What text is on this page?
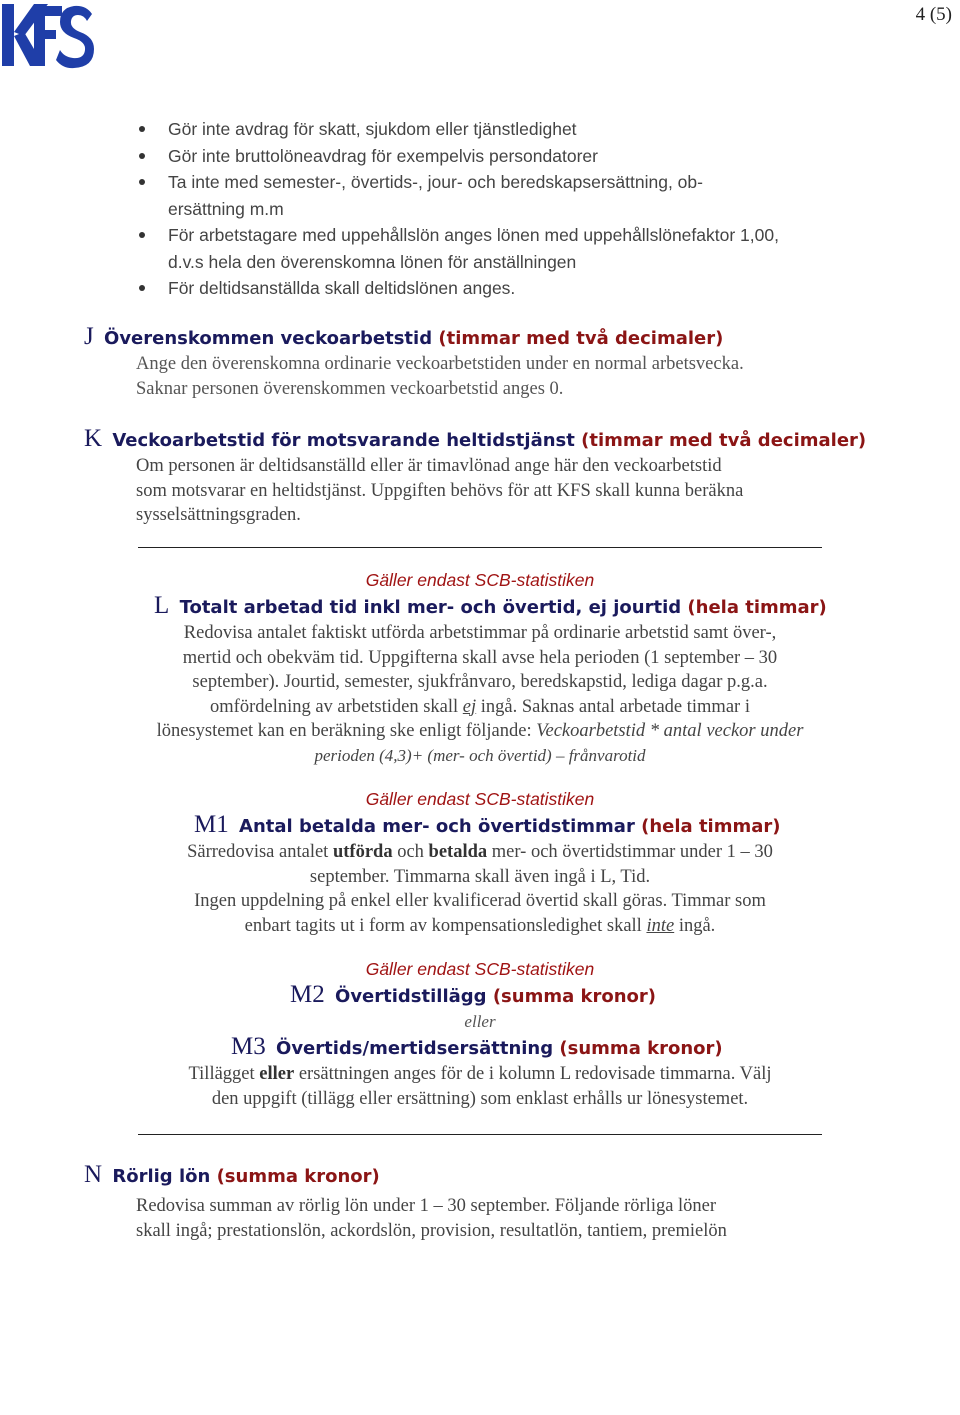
4 (5)
Gör inte avdrag för skatt, sjukdom eller tjänstledighet
Gör inte bruttolöneavdrag för exempelvis persondatorer
Ta inte med semester-, övertids-, jour- och beredskapsersättning, ob-
ersättning m.m
För arbetstagare med uppehållslön anges lönen med uppehållslönefaktor 1,00,
d.v.s hela den överenskomna lönen för anställningen
För deltidsanställda skall deltidslönen anges.
J Överenskommen veckoarbetstid (timmar med två decimaler)
Ange den överenskomna ordinarie veckoarbetstiden under en normal arbetsvecka.
Saknar personen överenskommen veckoarbetstid anges 0.
K Veckoarbetstid för motsvarande heltidstjänst (timmar med två decimaler)
Om personen är deltidsanställd eller är timavlönad ange här den veckoarbetstid
som motsvarar en heltidstjänst. Uppgiften behövs för att KFS skall kunna beräkna
sysselsättningsgraden.
Gäller endast SCB-statistiken
L Totalt arbetad tid inkl mer- och övertid, ej jourtid (hela timmar)
Redovisa antalet faktiskt utförda arbetstimmar på ordinarie arbetstid samt över-,
mertid och obekväm tid. Uppgifterna skall avse hela perioden (1 september – 30
september). Jourtid, semester, sjukfrånvaro, beredskapstid, lediga dagar p.g.a.
omfördelning av arbetstiden skall ej ingå. Saknas antal arbetade timmar i
lönesystemet kan en beräkning ske enligt följande: Veckoarbetstid * antal veckor under
perioden (4,3)+ (mer- och övertid) – frånvarotid
Gäller endast SCB-statistiken
M1 Antal betalda mer- och övertidstimmar (hela timmar)
Särredovisa antalet utförda och betalda mer- och övertidstimmar under 1 – 30
september. Timmarna skall även ingå i L, Tid.
Ingen uppdelning på enkel eller kvalificerad övertid skall göras. Timmar som
enbart tagits ut i form av kompensationsledighet skall inte ingå.
Gäller endast SCB-statistiken
M2 Övertidstillägg (summa kronor)
eller
M3 Övertids/mertidsersättning (summa kronor)
Tillägget eller ersättningen anges för de i kolumn L redovisade timmarna. Välj
den uppgift (tillägg eller ersättning) som enklast erhålls ur lönesystemet.
N Rörlig lön (summa kronor)
Redovisa summan av rörlig lön under 1 – 30 september. Följande rörliga löner
skall ingå; prestationslön, ackordslön, provision, resultatlön, tantiem, premielön
